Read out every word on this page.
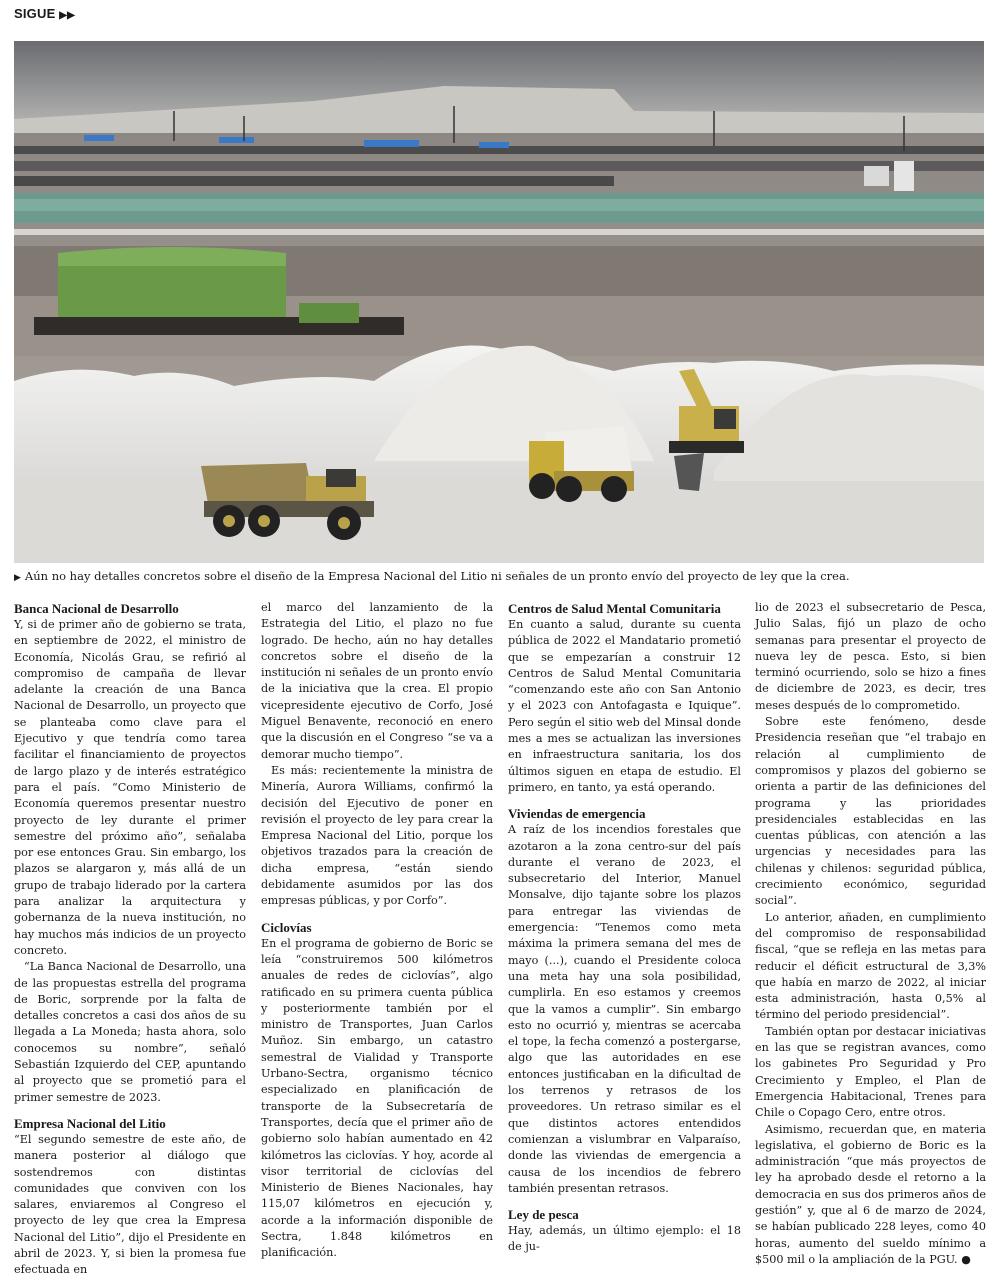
SIGUE ▶▶
▶ Aún no hay detalles concretos sobre el diseño de la Empresa Nacional del Litio ni señales de un pronto envío del proyecto de ley que la crea.
Banca Nacional de Desarrollo

Y, si de primer año de gobierno se trata, en septiembre de 2022, el ministro de Economía, Nicolás Grau, se refirió al compromiso de campaña de llevar adelante la creación de una Banca Nacional de Desarrollo, un proyecto que se planteaba como clave para el Ejecutivo y que tendría como tarea facilitar el financiamiento de proyectos de largo plazo y de interés estratégico para el país. “Como Ministerio de Economía queremos presentar nuestro proyecto de ley durante el primer semestre del próximo año”, señalaba por ese entonces Grau. Sin embargo, los plazos se alargaron y, más allá de un grupo de trabajo liderado por la cartera para analizar la arquitectura y gobernanza de la nueva institución, no hay muchos más indicios de un proyecto concreto.

“La Banca Nacional de Desarrollo, una de las propuestas estrella del programa de Boric, sorprende por la falta de detalles concretos a casi dos años de su llegada a La Moneda; hasta ahora, solo conocemos su nombre”, señaló Sebastián Izquierdo del CEP, apuntando al proyecto que se prometió para el primer semestre de 2023.

Empresa Nacional del Litio

“El segundo semestre de este año, de manera posterior al diálogo que sostendremos con distintas comunidades que conviven con los salares, enviaremos al Congreso el proyecto de ley que crea la Empresa Nacional del Litio”, dijo el Presidente en abril de 2023. Y, si bien la promesa fue efectuada en

el marco del lanzamiento de la Estrategia del Litio, el plazo no fue logrado. De hecho, aún no hay detalles concretos sobre el diseño de la institución ni señales de un pronto envío de la iniciativa que la crea. El propio vicepresidente ejecutivo de Corfo, José Miguel Benavente, reconoció en enero que la discusión en el Congreso “se va a demorar mucho tiempo”.

Es más: recientemente la ministra de Minería, Aurora Williams, confirmó la decisión del Ejecutivo de poner en revisión el proyecto de ley para crear la Empresa Nacional del Litio, porque los objetivos trazados para la creación de dicha empresa, “están siendo debidamente asumidos por las dos empresas públicas, y por Corfo”.

Ciclovías

En el programa de gobierno de Boric se leía “construiremos 500 kilómetros anuales de redes de ciclovías”, algo ratificado en su primera cuenta pública y posteriormente también por el ministro de Transportes, Juan Carlos Muñoz. Sin embargo, un catastro semestral de Vialidad y Transporte Urbano-Sectra, organismo técnico especializado en planificación de transporte de la Subsecretaría de Transportes, decía que el primer año de gobierno solo habían aumentado en 42 kilómetros las ciclovías. Y hoy, acorde al visor territorial de ciclovías del Ministerio de Bienes Nacionales, hay 115,07 kilómetros en ejecución y, acorde a la información disponible de Sectra, 1.848 kilómetros en planificación.

Centros de Salud Mental Comunitaria

En cuanto a salud, durante su cuenta pública de 2022 el Mandatario prometió que se empezarían a construir 12 Centros de Salud Mental Comunitaria “comenzando este año con San Antonio y el 2023 con Antofagasta e Iquique”. Pero según el sitio web del Minsal donde mes a mes se actualizan las inversiones en infraestructura sanitaria, los dos últimos siguen en etapa de estudio. El primero, en tanto, ya está operando.

Viviendas de emergencia

A raíz de los incendios forestales que azotaron a la zona centro-sur del país durante el verano de 2023, el subsecretario del Interior, Manuel Monsalve, dijo tajante sobre los plazos para entregar las viviendas de emergencia: “Tenemos como meta máxima la primera semana del mes de mayo (...), cuando el Presidente coloca una meta hay una sola posibilidad, cumplirla. En eso estamos y creemos que la vamos a cumplir”. Sin embargo esto no ocurrió y, mientras se acercaba el tope, la fecha comenzó a postergarse, algo que las autoridades en ese entonces justificaban en la dificultad de los terrenos y retrasos de los proveedores. Un retraso similar es el que distintos actores entendidos comienzan a vislumbrar en Valparaíso, donde las viviendas de emergencia a causa de los incendios de febrero también presentan retrasos.

Ley de pesca

Hay, además, un último ejemplo: el 18 de ju-

lio de 2023 el subsecretario de Pesca, Julio Salas, fijó un plazo de ocho semanas para presentar el proyecto de nueva ley de pesca. Esto, si bien terminó ocurriendo, solo se hizo a fines de diciembre de 2023, es decir, tres meses después de lo comprometido.

Sobre este fenómeno, desde Presidencia reseñan que “el trabajo en relación al cumplimiento de compromisos y plazos del gobierno se orienta a partir de las definiciones del programa y las prioridades presidenciales establecidas en las cuentas públicas, con atención a las urgencias y necesidades para las chilenas y chilenos: seguridad pública, crecimiento económico, seguridad social”.

Lo anterior, añaden, en cumplimiento del compromiso de responsabilidad fiscal, “que se refleja en las metas para reducir el déficit estructural de 3,3% que había en marzo de 2022, al iniciar esta administración, hasta 0,5% al término del periodo presidencial”.

También optan por destacar iniciativas en las que se registran avances, como los gabinetes Pro Seguridad y Pro Crecimiento y Empleo, el Plan de Emergencia Habitacional, Trenes para Chile o Copago Cero, entre otros.

Asimismo, recuerdan que, en materia legislativa, el gobierno de Boric es la administración “que más proyectos de ley ha aprobado desde el retorno a la democracia en sus dos primeros años de gestión” y, que al 6 de marzo de 2024, se habían publicado 228 leyes, como 40 horas, aumento del sueldo mínimo a $500 mil o la ampliación de la PGU. ●
